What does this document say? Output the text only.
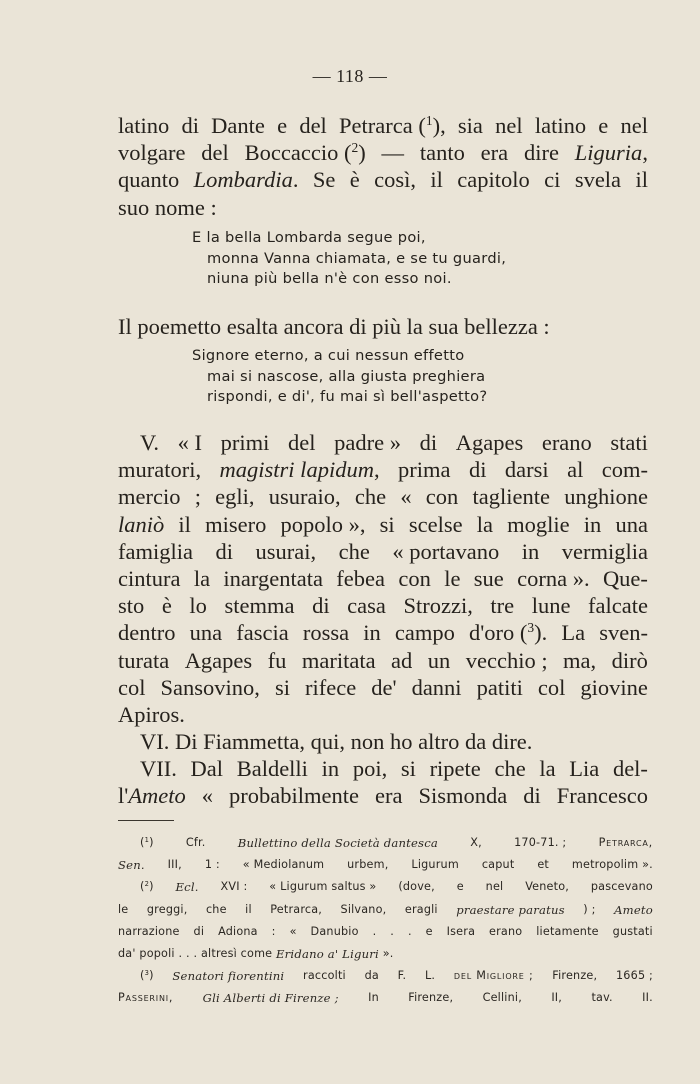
— 118 —
latino di Dante e del Petrarca ($^1$), sia nel latino e nel
volgare del Boccaccio ($^2$) — tanto era dire Liguria,
quanto Lombardia. Se è così, il capitolo ci svela il
suo nome :
E la bella Lombarda segue poi,
monna Vanna chiamata, e se tu guardi,
niuna più bella n'è con esso noi.
Il poemetto esalta ancora di più la sua bellezza :
Signore eterno, a cui nessun effetto
mai si nascose, alla giusta preghiera
rispondi, e di', fu mai sì bell'aspetto?
V. « I primi del padre » di Agapes erano stati
muratori, magistri lapidum, prima di darsi al com-
mercio ; egli, usuraio, che « con tagliente unghione
laniò il misero popolo », si scelse la moglie in una
famiglia di usurai, che « portavano in vermiglia
cintura la inargentata febea con le sue corna ». Que-
sto è lo stemma di casa Strozzi, tre lune falcate
dentro una fascia rossa in campo d'oro ($^3$). La sven-
turata Agapes fu maritata ad un vecchio ; ma, dirò
col Sansovino, si rifece de' danni patiti col giovine
Apiros.
VI. Di Fiammetta, qui, non ho altro da dire.
VII. Dal Baldelli in poi, si ripete che la Lia del-
l'Ameto « probabilmente era Sismonda di Francesco
($^1$)	Cfr.	Bullettino della Società dantesca	X,	170-71. ;	Petrarca,
Sen. III, 1 : « Mediolanum urbem, Ligurum caput et metropolim ».
($^2$) Ecl. XVI : « Ligurum saltus » (dove, e nel Veneto, pascevano
le greggi, che il Petrarca, Silvano, eragli praestare paratus ) ; Ameto
narrazione di Adiona : « Danubio . . . e Isera erano lietamente gustati
da' popoli . . . altresì come Eridano a' Liguri ».
($^3$) Senatori fiorentini raccolti da F. L. del Migliore ; Firenze, 1665 ;
Passerini,	Gli Alberti di Firenze ;	In	Firenze,	Cellini,	II,	tav.	II.
